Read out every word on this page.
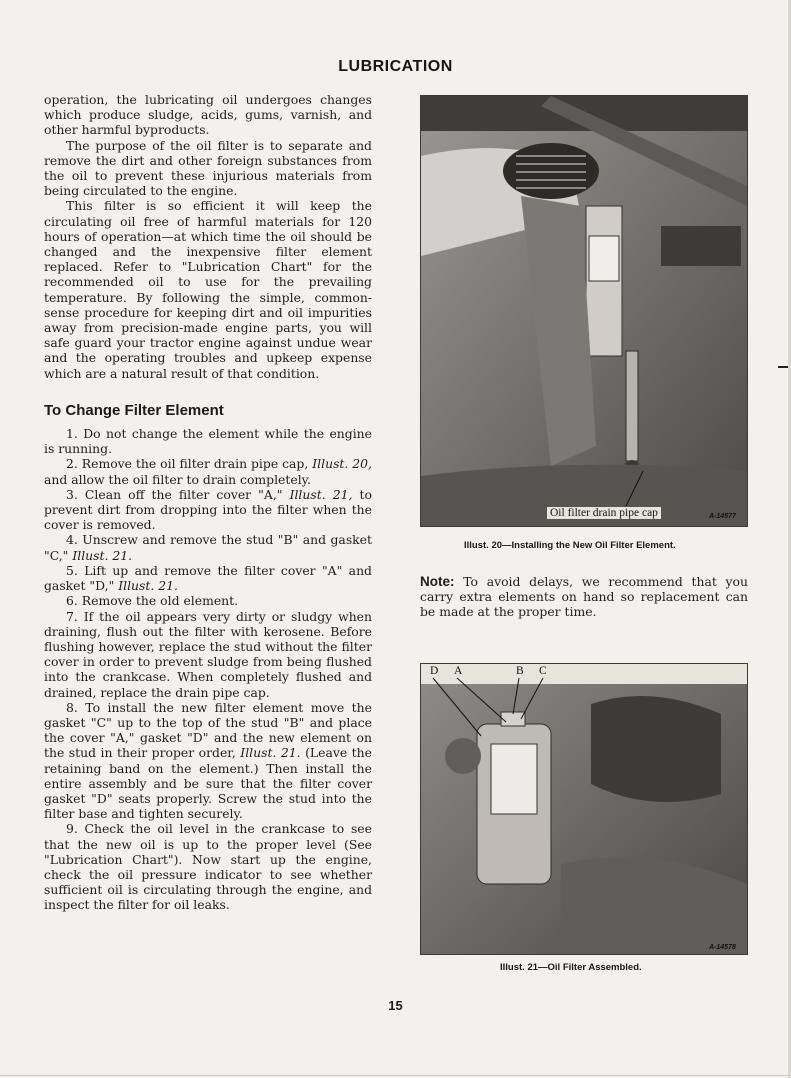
LUBRICATION

operation, the lubricating oil undergoes changes which produce sludge, acids, gums, varnish, and other harmful byproducts.

The purpose of the oil filter is to separate and remove the dirt and other foreign substances from the oil to prevent these injurious materials from being circulated to the engine.

This filter is so efficient it will keep the circulating oil free of harmful materials for 120 hours of operation—at which time the oil should be changed and the inexpensive filter element replaced. Refer to "Lubrication Chart" for the recommended oil to use for the prevailing temperature. By following the simple, common-sense procedure for keeping dirt and oil impurities away from precision-made engine parts, you will safe guard your tractor engine against undue wear and the operating troubles and upkeep expense which are a natural result of that condition.

To Change Filter Element

1. Do not change the element while the engine is running.

2. Remove the oil filter drain pipe cap, Illust. 20, and allow the oil filter to drain completely.

3. Clean off the filter cover "A," Illust. 21, to prevent dirt from dropping into the filter when the cover is removed.

4. Unscrew and remove the stud "B" and gasket "C," Illust. 21.

5. Lift up and remove the filter cover "A" and gasket "D," Illust. 21.

6. Remove the old element.

7. If the oil appears very dirty or sludgy when draining, flush out the filter with kerosene. Before flushing however, replace the stud without the filter cover in order to prevent sludge from being flushed into the crankcase. When completely flushed and drained, replace the drain pipe cap.

8. To install the new filter element move the gasket "C" up to the top of the stud "B" and place the cover "A," gasket "D" and the new element on the stud in their proper order, Illust. 21. (Leave the retaining band on the element.) Then install the entire assembly and be sure that the filter cover gasket "D" seats properly. Screw the stud into the filter base and tighten securely.

9. Check the oil level in the crankcase to see that the new oil is up to the proper level (See "Lubrication Chart"). Now start up the engine, check the oil pressure indicator to see whether sufficient oil is circulating through the engine, and inspect the filter for oil leaks.

Oil filter drain pipe cap	A-14577
Illust. 20—Installing the New Oil Filter Element.
Note: To avoid delays, we recommend that you carry extra elements on hand so replacement can be made at the proper time.
D A	B C
A-14578
Illust. 21—Oil Filter Assembled.
15
